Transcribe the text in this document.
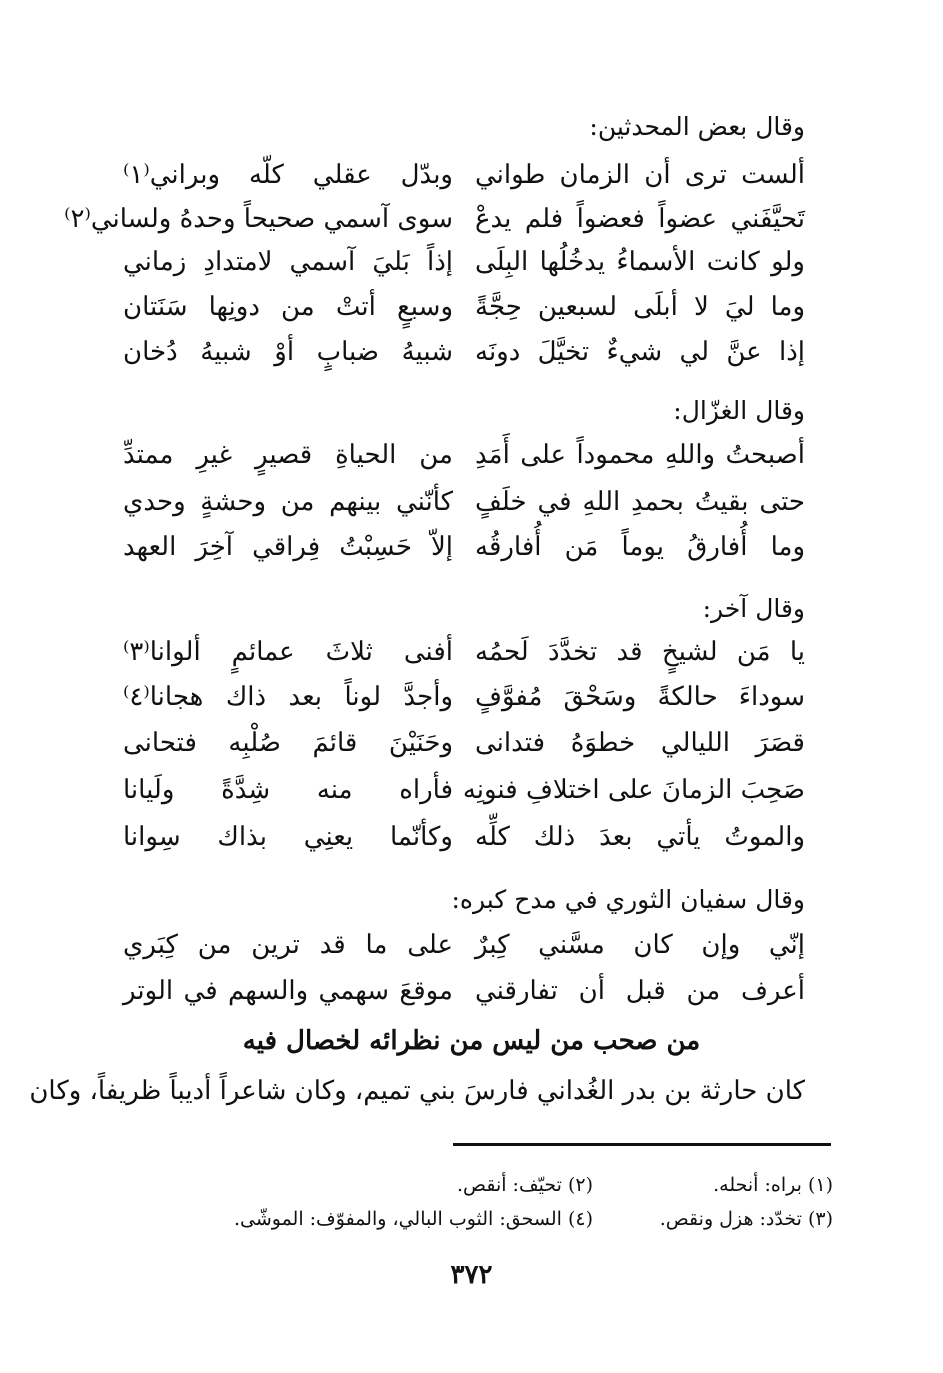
وقال بعض المحدثين:
ألست ترى أن الزمان طواني
وبدّل عقلي كلّه وبراني⁽١⁾
تَحيَّفَني عضواً فعضواً فلم يدعْ
سوى آسمي صحيحاً وحدهُ ولساني⁽٢⁾
ولو كانت الأسماءُ يدخُلُها البِلَى
إذاً بَليَ آسمي لامتدادِ زماني
وما ليَ لا أبلَى لسبعين حِجَّةً
وسبعٍ أتتْ من دونِها سَنَتان
إذا عنَّ لي شيءٌ تخيَّلَ دونَه
شبيهُ ضبابٍ أوْ شبيهُ دُخان
وقال الغزّال:
أصبحتُ واللهِ محموداً على أَمَدِ
من الحياةِ قصيرٍ غيرِ ممتدِّ
حتى بقيتُ بحمدِ اللهِ في خلَفٍ
كأنّني بينهم من وحشةٍ وحدي
وما أُفارقُ يوماً مَن أُفارقُه
إلاّ حَسِبْتُ فِراقي آخِرَ العهد
وقال آخر:
يا مَن لشيخٍ قد تخدَّدَ لَحمُه
أفنى ثلاثَ عمائمٍ ألوانا⁽٣⁾
سوداءَ حالكةً وسَحْقَ مُفوَّفٍ
وأجدَّ لوناً بعد ذاك هجانا⁽٤⁾
قصَرَ الليالي خطوَهُ فتدانى
وحَنَيْنَ قائمَ صُلْبِه فتحانى
صَحِبَ الزمانَ على اختلافِ فنونِه
فأراه منه شِدَّةً ولَيانا
والموتُ يأتي بعدَ ذلك كلِّه
وكأنّما يعنِي بذاك سِوانا
وقال سفيان الثوري في مدح كبره:
إنّي وإن كان مسَّني كِبرٌ
على ما قد ترين من كِبَري
أعرف من قبل أن تفارقني
موقعَ سهمي والسهم في الوتر
من صحب من ليس من نظرائه لخصال فيه
كان حارثة بن بدر الغُداني فارسَ بني تميم، وكان شاعراً أديباً ظريفاً، وكان
(١) براه: أنحله.
(٢) تحيّف: أنقص.
(٣) تخدّد: هزل ونقص.
(٤) السحق: الثوب البالي، والمفوّف: الموشّى.
٣٧٢
